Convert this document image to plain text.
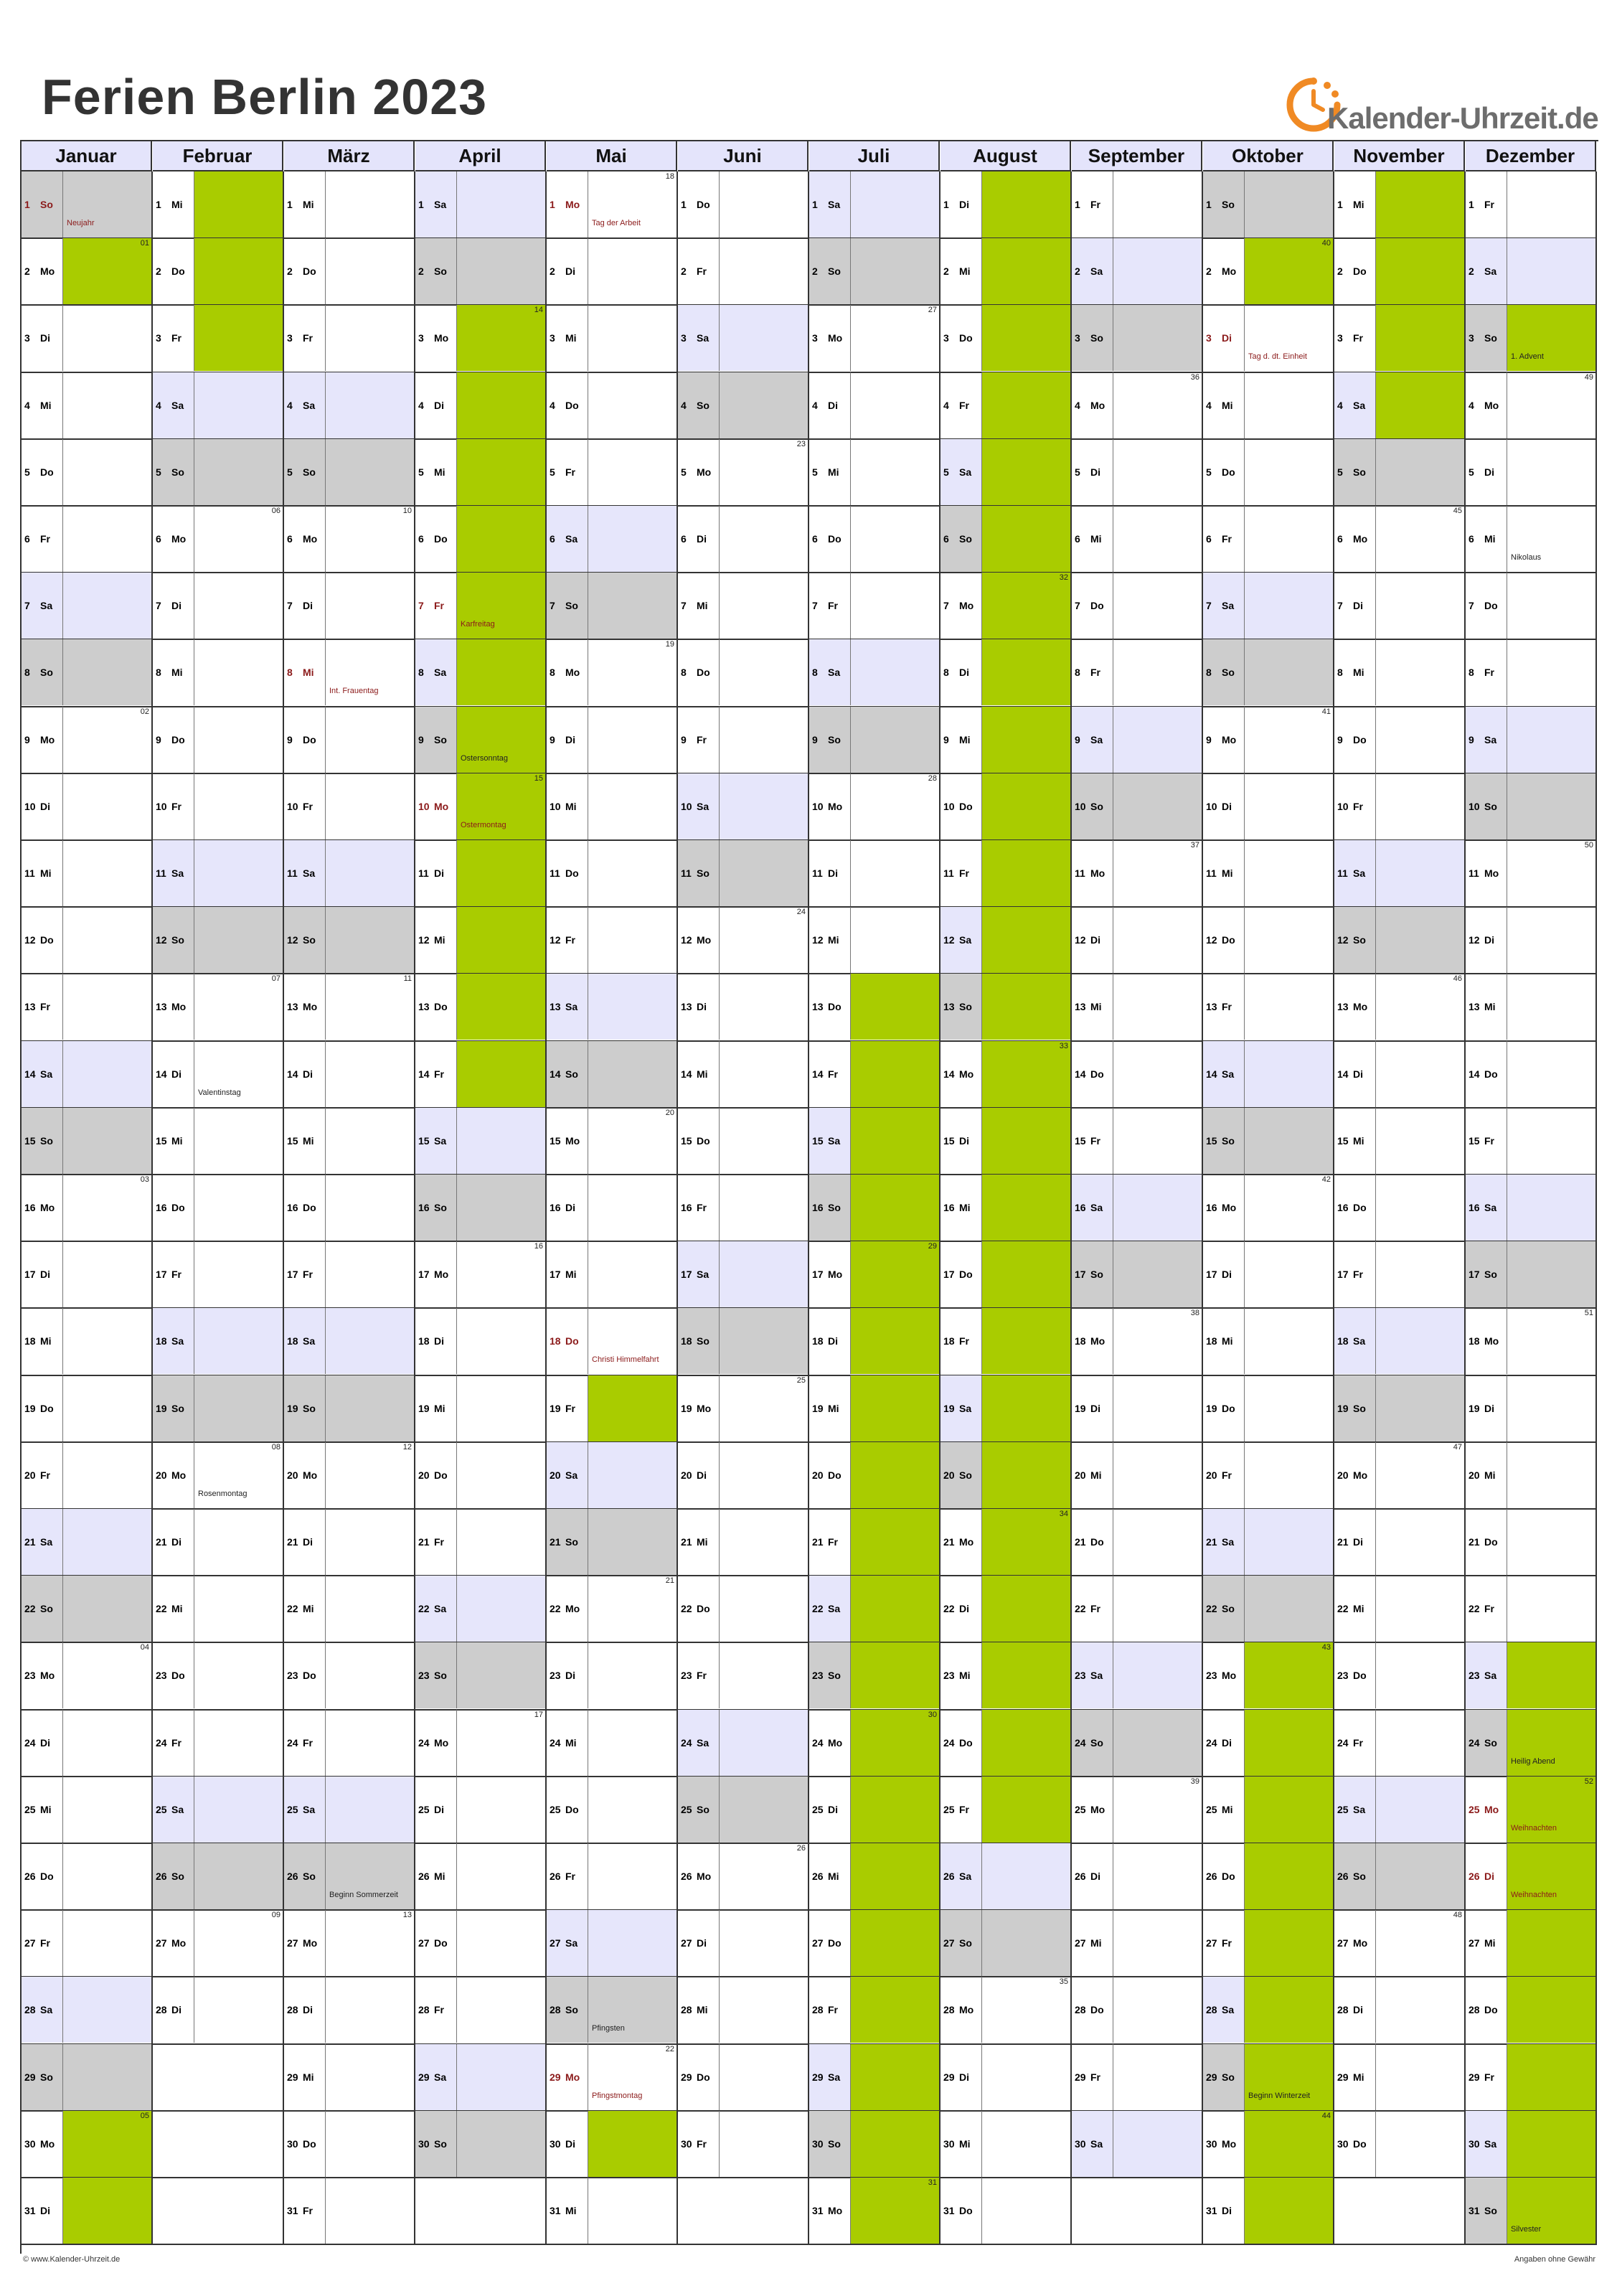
Ferien Berlin 2023	Kalender-Uhrzeit.de
Januar
1 So
Neujahr
2 Mo
01
3 Di
4 Mi
5 Do
6 Fr
7 Sa
8 So
9 Mo
02
10 Di
11 Mi
12 Do
13 Fr
14 Sa
15 So
16 Mo
03
17 Di
18 Mi
19 Do
20 Fr
21 Sa
22 So
23 Mo
04
24 Di
25 Mi
26 Do
27 Fr
28 Sa
29 So
30 Mo
05
31 Di
Februar
1 Mi
2 Do
3 Fr
4 Sa
5 So
6 Mo
06
7 Di
8 Mi
9 Do
10 Fr
11 Sa
12 So
13 Mo
07
14 Di
Valentinstag
15 Mi
16 Do
17 Fr
18 Sa
19 So
20 Mo
08
Rosenmontag
21 Di
22 Mi
23 Do
24 Fr
25 Sa
26 So
27 Mo
09
28 Di
März
1 Mi
2 Do
3 Fr
4 Sa
5 So
6 Mo
10
7 Di
8 Mi
Int. Frauentag
9 Do
10 Fr
11 Sa
12 So
13 Mo
11
14 Di
15 Mi
16 Do
17 Fr
18 Sa
19 So
20 Mo
12
21 Di
22 Mi
23 Do
24 Fr
25 Sa
26 So
Beginn Sommerzeit
27 Mo
13
28 Di
29 Mi
30 Do
31 Fr
April
1 Sa
2 So
3 Mo
14
4 Di
5 Mi
6 Do
7 Fr
Karfreitag
8 Sa
9 So
Ostersonntag
10 Mo
15
Ostermontag
11 Di
12 Mi
13 Do
14 Fr
15 Sa
16 So
17 Mo
16
18 Di
19 Mi
20 Do
21 Fr
22 Sa
23 So
24 Mo
17
25 Di
26 Mi
27 Do
28 Fr
29 Sa
30 So
Mai
1 Mo
18
Tag der Arbeit
2 Di
3 Mi
4 Do
5 Fr
6 Sa
7 So
8 Mo
19
9 Di
10 Mi
11 Do
12 Fr
13 Sa
14 So
15 Mo
20
16 Di
17 Mi
18 Do
Christi Himmelfahrt
19 Fr
20 Sa
21 So
22 Mo
21
23 Di
24 Mi
25 Do
26 Fr
27 Sa
28 So
Pfingsten
29 Mo
22
Pfingstmontag
30 Di
31 Mi
Juni
1 Do
2 Fr
3 Sa
4 So
5 Mo
23
6 Di
7 Mi
8 Do
9 Fr
10 Sa
11 So
12 Mo
24
13 Di
14 Mi
15 Do
16 Fr
17 Sa
18 So
19 Mo
25
20 Di
21 Mi
22 Do
23 Fr
24 Sa
25 So
26 Mo
26
27 Di
28 Mi
29 Do
30 Fr
Juli
1 Sa
2 So
3 Mo
27
4 Di
5 Mi
6 Do
7 Fr
8 Sa
9 So
10 Mo
28
11 Di
12 Mi
13 Do
14 Fr
15 Sa
16 So
17 Mo
29
18 Di
19 Mi
20 Do
21 Fr
22 Sa
23 So
24 Mo
30
25 Di
26 Mi
27 Do
28 Fr
29 Sa
30 So
31 Mo
31
August
1 Di
2 Mi
3 Do
4 Fr
5 Sa
6 So
7 Mo
32
8 Di
9 Mi
10 Do
11 Fr
12 Sa
13 So
14 Mo
33
15 Di
16 Mi
17 Do
18 Fr
19 Sa
20 So
21 Mo
34
22 Di
23 Mi
24 Do
25 Fr
26 Sa
27 So
28 Mo
35
29 Di
30 Mi
31 Do
September
1 Fr
2 Sa
3 So
4 Mo
36
5 Di
6 Mi
7 Do
8 Fr
9 Sa
10 So
11 Mo
37
12 Di
13 Mi
14 Do
15 Fr
16 Sa
17 So
18 Mo
38
19 Di
20 Mi
21 Do
22 Fr
23 Sa
24 So
25 Mo
39
26 Di
27 Mi
28 Do
29 Fr
30 Sa
Oktober
1 So
2 Mo
40
3 Di
Tag d. dt. Einheit
4 Mi
5 Do
6 Fr
7 Sa
8 So
9 Mo
41
10 Di
11 Mi
12 Do
13 Fr
14 Sa
15 So
16 Mo
42
17 Di
18 Mi
19 Do
20 Fr
21 Sa
22 So
23 Mo
43
24 Di
25 Mi
26 Do
27 Fr
28 Sa
29 So
Beginn Winterzeit
30 Mo
44
31 Di
November
1 Mi
2 Do
3 Fr
4 Sa
5 So
6 Mo
45
7 Di
8 Mi
9 Do
10 Fr
11 Sa
12 So
13 Mo
46
14 Di
15 Mi
16 Do
17 Fr
18 Sa
19 So
20 Mo
47
21 Di
22 Mi
23 Do
24 Fr
25 Sa
26 So
27 Mo
48
28 Di
29 Mi
30 Do
Dezember
1 Fr
2 Sa
3 So
1. Advent
4 Mo
49
5 Di
6 Mi
Nikolaus
7 Do
8 Fr
9 Sa
10 So
11 Mo
50
12 Di
13 Mi
14 Do
15 Fr
16 Sa
17 So
18 Mo
51
19 Di
20 Mi
21 Do
22 Fr
23 Sa
24 So
Heilig Abend
25 Mo
52
Weihnachten
26 Di
Weihnachten
27 Mi
28 Do
29 Fr
30 Sa
31 So
Silvester
© www.Kalender-Uhrzeit.de	Angaben ohne Gewähr
